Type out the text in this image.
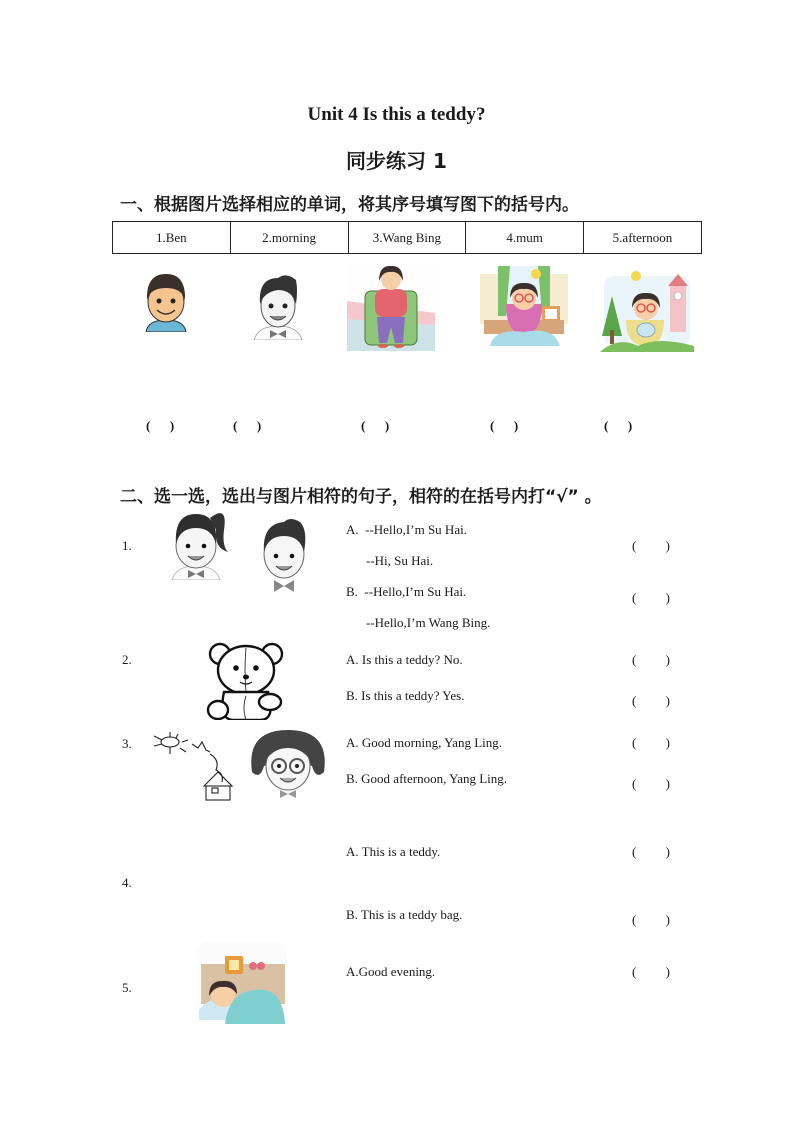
Unit 4 Is this a teddy?
同步练习 1
一、根据图片选择相应的单词，将其序号填写图下的括号内。
1.Ben	2.morning	3.Wang Bing	4.mum	5.afternoon
(      )	(      )	(      )	(      )	(      )
二、选一选，选出与图片相符的句子，相符的在括号内打“√” 。
1.
A.  --Hello,I’m Su Hai.
--Hi, Su Hai.
(         )
B.  --Hello,I’m Su Hai.
--Hello,I’m Wang Bing.
(         )
2.	A. Is this a teddy? No.	(         )
B. Is this a teddy? Yes.	(         )
3.	A. Good morning, Yang Ling.	(         )
B. Good afternoon, Yang Ling.	(         )
4.
A. This is a teddy.	(         )
B. This is a teddy bag.	(         )
5.
A.Good evening.	(         )
